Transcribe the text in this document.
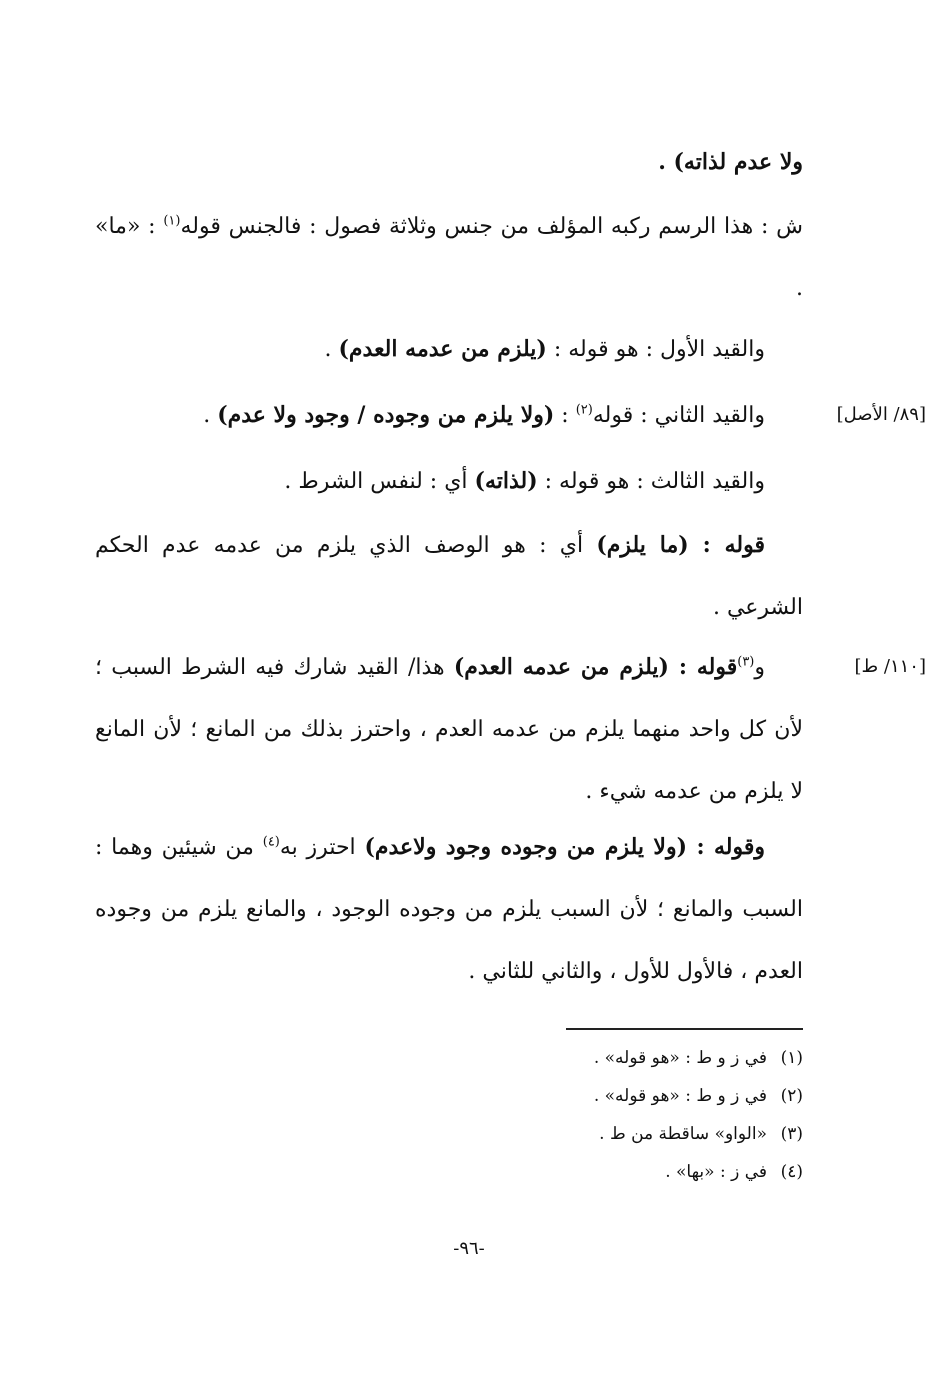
ولا عدم لذاته) .

ش : هذا الرسم ركبه المؤلف من جنس وثلاثة فصول : فالجنس قوله$^{(١)}$ : «ما» .

والقيد الأول : هو قوله : (يلزم من عدمه العدم) .

والقيد الثاني : قوله$^{(٢)}$ : (ولا يلزم من وجوده / وجود ولا عدم) .	[٨٩/ الأصل]

والقيد الثالث : هو قوله : (لذاته) أي : لنفس الشرط .

قوله : (ما يلزم) أي : هو الوصف الذي يلزم من عدمه عدم الحكم الشرعي .

و$^{(٣)}$قوله : (يلزم من عدمه العدم) هذا/ القيد شارك فيه الشرط السبب ؛ لأن كل واحد منهما يلزم من عدمه العدم ، واحترز بذلك من المانع ؛ لأن المانع لا يلزم من عدمه شيء .

[١١٠/ ط]

وقوله : (ولا يلزم من وجوده وجود ولاعدم) احترز به$^{(٤)}$ من شيئين وهما : السبب والمانع ؛ لأن السبب يلزم من وجوده الوجود ، والمانع يلزم من وجوده العدم ، فالأول للأول ، والثاني للثاني .

(١)في ز و ط : «هو قوله» .

(٢)في ز و ط : «هو قوله» .

(٣)«الواو» ساقطة من ط .

(٤)في ز : «بها» .

-٩٦-
